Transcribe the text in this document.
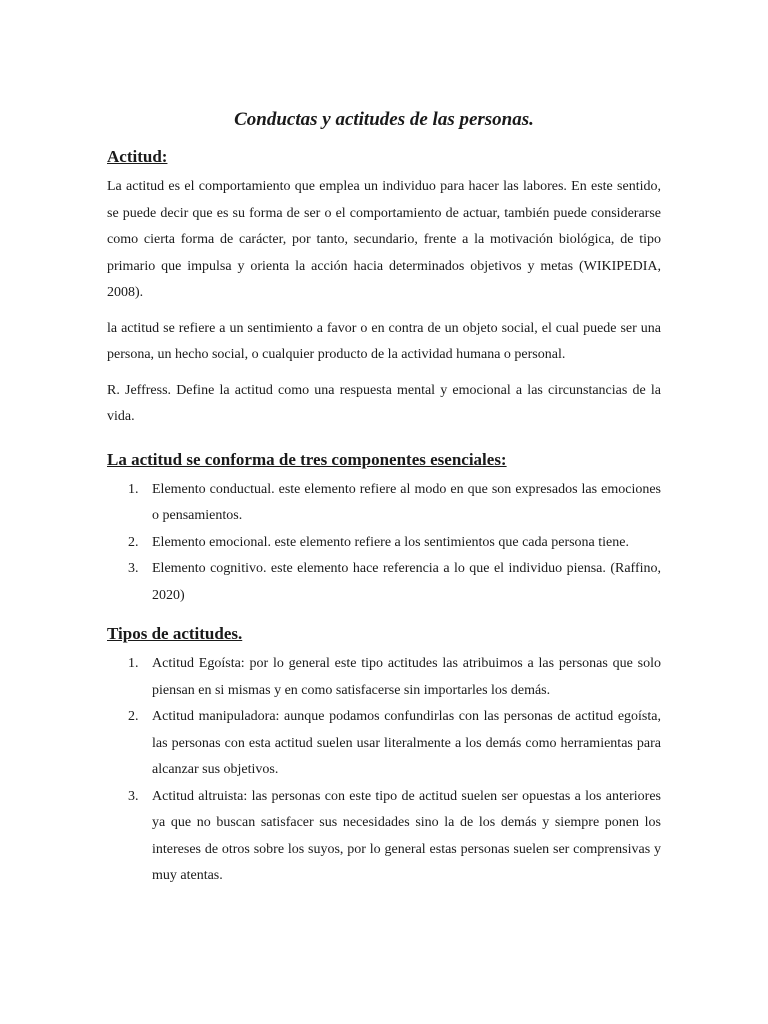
Conductas y actitudes de las personas.
Actitud:

La actitud es el comportamiento que emplea un individuo para hacer las labores. En este sentido, se puede decir que es su forma de ser o el comportamiento de actuar, también puede considerarse como cierta forma de carácter, por tanto, secundario, frente a la motivación biológica, de tipo primario que impulsa y orienta la acción hacia determinados objetivos y metas (WIKIPEDIA, 2008).

la actitud se refiere a un sentimiento a favor o en contra de un objeto social, el cual puede ser una persona, un hecho social, o cualquier producto de la actividad humana o personal.

R. Jeffress. Define la actitud como una respuesta mental y emocional a las circunstancias de la vida.

La actitud se conforma de tres componentes esenciales:
1. Elemento conductual. este elemento refiere al modo en que son expresados las emociones o pensamientos.
2. Elemento emocional. este elemento refiere a los sentimientos que cada persona tiene.
3. Elemento cognitivo. este elemento hace referencia a lo que el individuo piensa. (Raffino, 2020)
Tipos de actitudes.
1. Actitud Egoísta: por lo general este tipo actitudes las atribuimos a las personas que solo piensan en si mismas y en como satisfacerse sin importarles los demás.
2. Actitud manipuladora: aunque podamos confundirlas con las personas de actitud egoísta, las personas con esta actitud suelen usar literalmente a los demás como herramientas para alcanzar sus objetivos.
3. Actitud altruista: las personas con este tipo de actitud suelen ser opuestas a los anteriores ya que no buscan satisfacer sus necesidades sino la de los demás y siempre ponen los intereses de otros sobre los suyos, por lo general estas personas suelen ser comprensivas y muy atentas.
